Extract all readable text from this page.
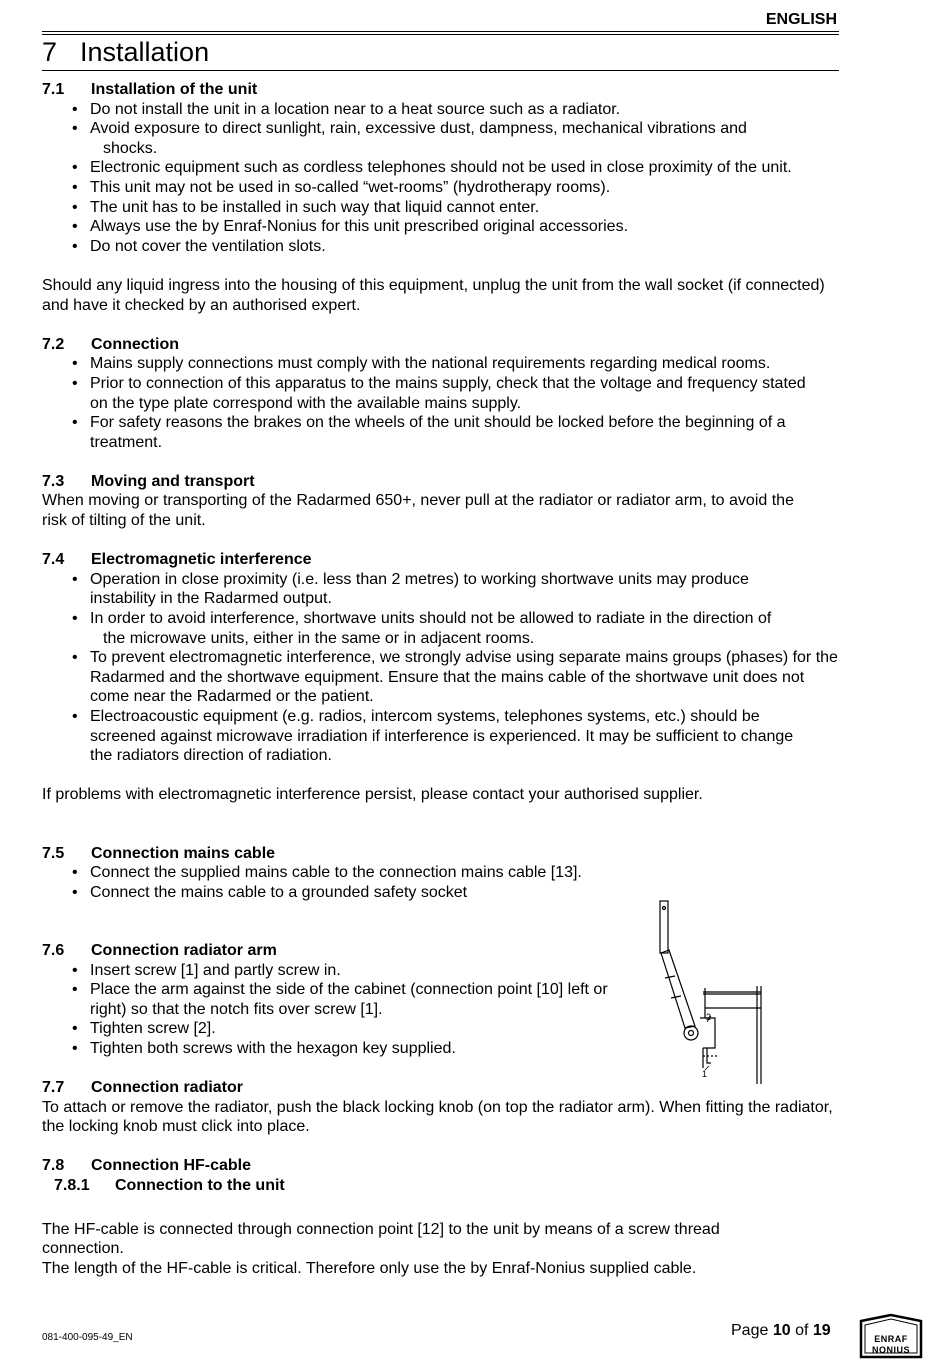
ENGLISH
7 Installation
7.1 Installation of the unit
• Do not install the unit in a location near to a heat source such as a radiator.
• Avoid exposure to direct sunlight, rain, excessive dust, dampness, mechanical vibrations and
shocks.
• Electronic equipment such as cordless telephones should not be used in close proximity of the unit.
• This unit may not be used in so-called “wet-rooms” (hydrotherapy rooms).
• The unit has to be installed in such way that liquid cannot enter.
• Always use the by Enraf-Nonius for this unit prescribed original accessories.
• Do not cover the ventilation slots.

Should any liquid ingress into the housing of this equipment, unplug the unit from the wall socket (if connected) and have it checked by an authorised expert.

7.2 Connection
• Mains supply connections must comply with the national requirements regarding medical rooms.
• Prior to connection of this apparatus to the mains supply, check that the voltage and frequency stated on the type plate correspond with the available mains supply.
• For safety reasons the brakes on the wheels of the unit should be locked before the beginning of a treatment.
7.3 Moving and transport

When moving or transporting of the Radarmed 650+, never pull at the radiator or radiator arm, to avoid the risk of tilting of the unit.

7.4 Electromagnetic interference
• Operation in close proximity (i.e. less than 2 metres) to working shortwave units may produce instability in the Radarmed output.
• In order to avoid interference, shortwave units should not be allowed to radiate in the direction of
the microwave units, either in the same or in adjacent rooms.
• To prevent electromagnetic interference, we strongly advise using separate mains groups (phases) for the Radarmed and the shortwave equipment. Ensure that the mains cable of the shortwave unit does not come near the Radarmed or the patient.
• Electroacoustic equipment (e.g. radios, intercom systems, telephones systems, etc.) should be screened against microwave irradiation if interference is experienced. It may be sufficient to change the radiators direction of radiation.

If problems with electromagnetic interference persist, please contact your authorised supplier.

7.5 Connection mains cable
• Connect the supplied mains cable to the connection mains cable [13].
• Connect the mains cable to a grounded safety socket
7.6 Connection radiator arm
• Insert screw [1] and partly screw in.
• Place the arm against the side of the cabinet (connection point [10] left or right) so that the notch fits over screw [1].
• Tighten screw [2].
• Tighten both screws with the hexagon key supplied.
7.7 Connection radiator

To attach or remove the radiator, push the black locking knob (on top the radiator arm). When fitting the radiator, the locking knob must click into place.

7.8 Connection HF-cable
7.8.1 Connection to the unit

The HF-cable is connected through connection point [12] to the unit by means of a screw thread connection.

The length of the HF-cable is critical. Therefore only use the by Enraf-Nonius supplied cable.

2
1
081-400-095-49_EN	Page 10 of 19	ENRAF
NONIUS
